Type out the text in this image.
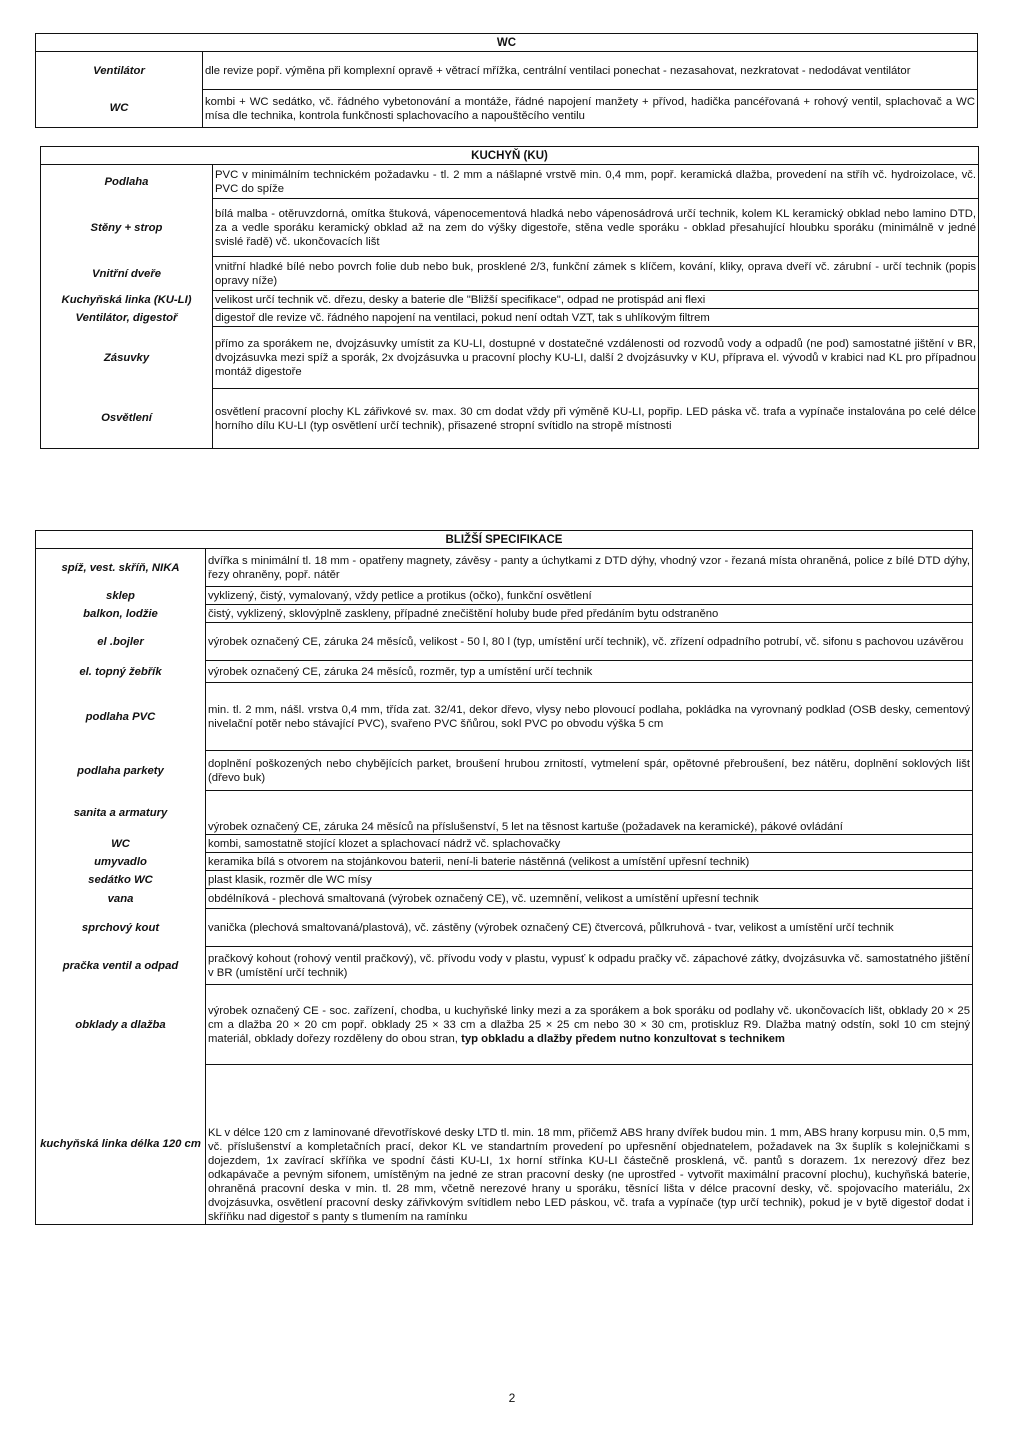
WC	
Ventilátor	dle revize popř. výměna při komplexní opravě + větrací mřížka, centrální ventilaci ponechat - nezasahovat, nezkratovat - nedodávat ventilátor
WC	kombi + WC sedátko, vč. řádného vybetonování a montáže, řádné napojení manžety + přívod, hadička pancéřovaná + rohový ventil, splachovač a WC mísa dle technika, kontrola funkčnosti splachovacího a napouštěcího ventilu
KUCHYŇ (KU)	
Podlaha	PVC v minimálním technickém požadavku - tl. 2 mm a nášlapné vrstvě min. 0,4 mm, popř. keramická dlažba, provedení na stříh vč. hydroizolace, vč. PVC do spíže
Stěny + strop	bílá malba - otěruvzdorná, omítka štuková, vápenocementová hladká nebo vápenosádrová určí technik, kolem KL keramický obklad nebo lamino DTD, za a vedle sporáku keramický obklad až na zem do výšky digestoře, stěna vedle sporáku - obklad přesahující hloubku sporáku (minimálně v jedné svislé řadě) vč. ukončovacích lišt
Vnitřní dveře	vnitřní hladké bílé nebo povrch folie dub nebo buk, prosklené 2/3, funkční zámek s klíčem, kování, kliky, oprava dveří vč. zárubní - určí technik (popis opravy níže)
Kuchyňská linka (KU-LI)	velikost určí technik vč. dřezu, desky a baterie dle "Bližší specifikace", odpad ne protispád ani flexi
Ventilátor, digestoř	digestoř dle revize vč. řádného napojení na ventilaci, pokud není odtah VZT, tak s uhlíkovým filtrem
Zásuvky	přímo za sporákem ne, dvojzásuvky umístit za KU-LI, dostupné v dostatečné vzdálenosti od rozvodů vody a odpadů (ne pod) samostatné jištění v BR, dvojzásuvka mezi spíž a sporák, 2x dvojzásuvka u pracovní plochy KU-LI, další 2 dvojzásuvky v KU, příprava el. vývodů v krabici nad KL pro případnou montáž digestoře
Osvětlení	osvětlení pracovní plochy KL zářivkové sv. max. 30 cm dodat vždy při výměně KU-LI, popřip. LED páska vč. trafa a vypínače instalována po celé délce horního dílu KU-LI (typ osvětlení určí technik), přisazené stropní svítidlo na stropě místnosti
BLIŽŠÍ SPECIFIKACE	
spíž, vest. skříň, NIKA	dvířka s minimální tl. 18 mm - opatřeny magnety, závěsy - panty a úchytkami z DTD dýhy, vhodný vzor - řezaná místa ohraněná, police z bílé DTD dýhy, řezy ohraněny, popř. nátěr
sklep	vyklizený, čistý, vymalovaný, vždy petlice a protikus (očko), funkční osvětlení
balkon, lodžie	čistý, vyklizený, sklovýplně zaskleny, případné znečištění holuby bude před předáním bytu odstraněno
el .bojler	výrobek označený CE, záruka 24 měsíců, velikost - 50 l, 80 l (typ, umístění určí technik), vč. zřízení odpadního potrubí, vč. sifonu s pachovou uzávěrou
el. topný žebřík	výrobek označený CE, záruka 24 měsíců, rozměr, typ a umístění určí technik
podlaha PVC	min. tl. 2 mm, nášl. vrstva 0,4 mm, třída zat. 32/41, dekor dřevo, vlysy nebo plovoucí podlaha, pokládka na vyrovnaný podklad (OSB desky, cementový nivelační potěr nebo stávající PVC), svařeno PVC šňůrou, sokl PVC po obvodu výška 5 cm
podlaha parkety	doplnění poškozených nebo chybějících parket, broušení hrubou zrnitostí, vytmelení spár, opětovné přebroušení, bez nátěru, doplnění soklových lišt (dřevo buk)
sanita a armatury	výrobek označený CE, záruka 24 měsíců na příslušenství, 5 let na těsnost kartuše (požadavek na keramické), pákové ovládání
WC	kombi, samostatně stojící klozet a splachovací nádrž vč. splachovačky
umyvadlo	keramika bílá s otvorem na stojánkovou baterii, není-li baterie nástěnná (velikost a umístění upřesní technik)
sedátko WC	plast klasik, rozměr dle WC mísy
vana	obdélníková - plechová smaltovaná (výrobek označený CE), vč. uzemnění, velikost a umístění upřesní technik
sprchový kout	vanička (plechová smaltovaná/plastová), vč. zástěny (výrobek označený CE) čtvercová, půlkruhová - tvar, velikost a umístění určí technik
pračka ventil a odpad	pračkový kohout (rohový ventil pračkový), vč. přívodu vody v plastu, vypusť k odpadu pračky vč. zápachové zátky, dvojzásuvka vč. samostatného jištění v BR (umístění určí technik)
obklady a dlažba	výrobek označený CE - soc. zařízení, chodba, u kuchyňské linky mezi a za sporákem a bok sporáku od podlahy vč. ukončovacích lišt, obklady 20 × 25 cm a dlažba 20 × 20 cm popř. obklady 25 × 33 cm a dlažba 25 × 25 cm nebo 30 × 30 cm, protiskluz R9. Dlažba matný odstín, sokl 10 cm stejný materiál, obklady dořezy rozděleny do obou stran, typ obkladu a dlažby předem nutno konzultovat s technikem
kuchyňská linka délka 120 cm	KL v délce 120 cm z laminované dřevotřískové desky LTD tl. min. 18 mm, přičemž ABS hrany dvířek budou min. 1 mm, ABS hrany korpusu min. 0,5 mm, vč. příslušenství a kompletačních prací, dekor KL ve standartním provedení po upřesnění objednatelem, požadavek na 3x šuplík s kolejničkami s dojezdem, 1x zavírací skříňka ve spodní části KU-LI, 1x horní střínka KU-LI částečně prosklená, vč. pantů s dorazem. 1x nerezový dřez bez odkapávače a pevným sifonem, umístěným na jedné ze stran pracovní desky (ne uprostřed - vytvořit maximální pracovní plochu), kuchyňská baterie, ohraněná pracovní deska v min. tl. 28 mm, včetně nerezové hrany u sporáku, těsnící lišta v délce pracovní desky, vč. spojovacího materiálu, 2x dvojzásuvka, osvětlení pracovní desky zářivkovým svítidlem nebo LED páskou, vč. trafa a vypínače (typ určí technik), pokud je v bytě digestoř dodat i skříňku nad digestoř s panty s tlumením na ramínku
2
